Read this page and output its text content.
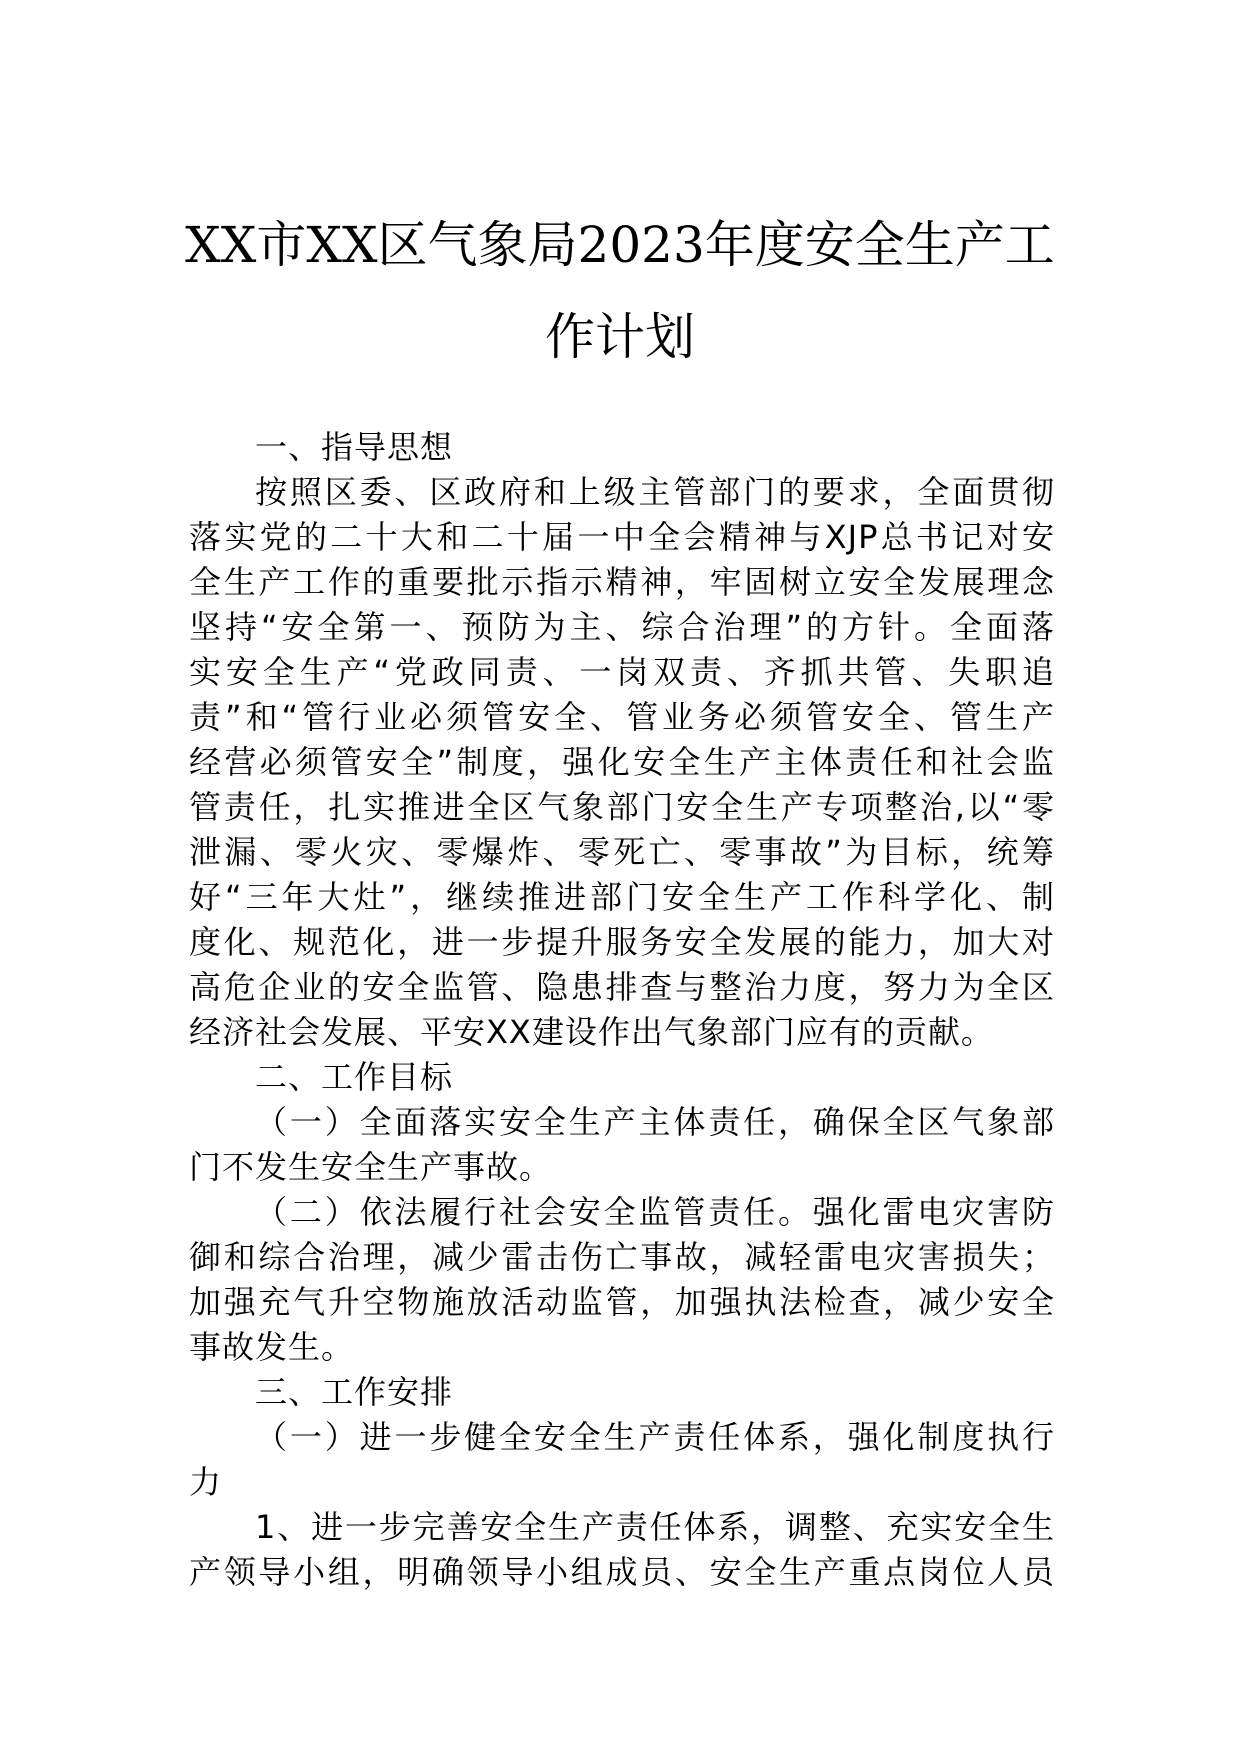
XX市XX区气象局2023年度安全生产工
作计划
一、指导思想
按照区委、区政府和上级主管部门的要求，全面贯彻
落实党的二十大和二十届一中全会精神与XJP总书记对安
全生产工作的重要批示指示精神，牢固树立安全发展理念
坚持“安全第一、预防为主、综合治理”的方针。全面落
实安全生产“党政同责、一岗双责、齐抓共管、失职追
责”和“管行业必须管安全、管业务必须管安全、管生产
经营必须管安全”制度，强化安全生产主体责任和社会监
管责任，扎实推进全区气象部门安全生产专项整治,以“零
泄漏、零火灾、零爆炸、零死亡、零事故”为目标，统筹
好“三年大灶”，继续推进部门安全生产工作科学化、制
度化、规范化，进一步提升服务安全发展的能力，加大对
高危企业的安全监管、隐患排查与整治力度，努力为全区
经济社会发展、平安XX建设作出气象部门应有的贡献。
二、工作目标
（一）全面落实安全生产主体责任，确保全区气象部
门不发生安全生产事故。
（二）依法履行社会安全监管责任。强化雷电灾害防
御和综合治理，减少雷击伤亡事故，减轻雷电灾害损失；
加强充气升空物施放活动监管，加强执法检查，减少安全
事故发生。
三、工作安排
（一）进一步健全安全生产责任体系，强化制度执行
力
1、进一步完善安全生产责任体系，调整、充实安全生
产领导小组，明确领导小组成员、安全生产重点岗位人员
